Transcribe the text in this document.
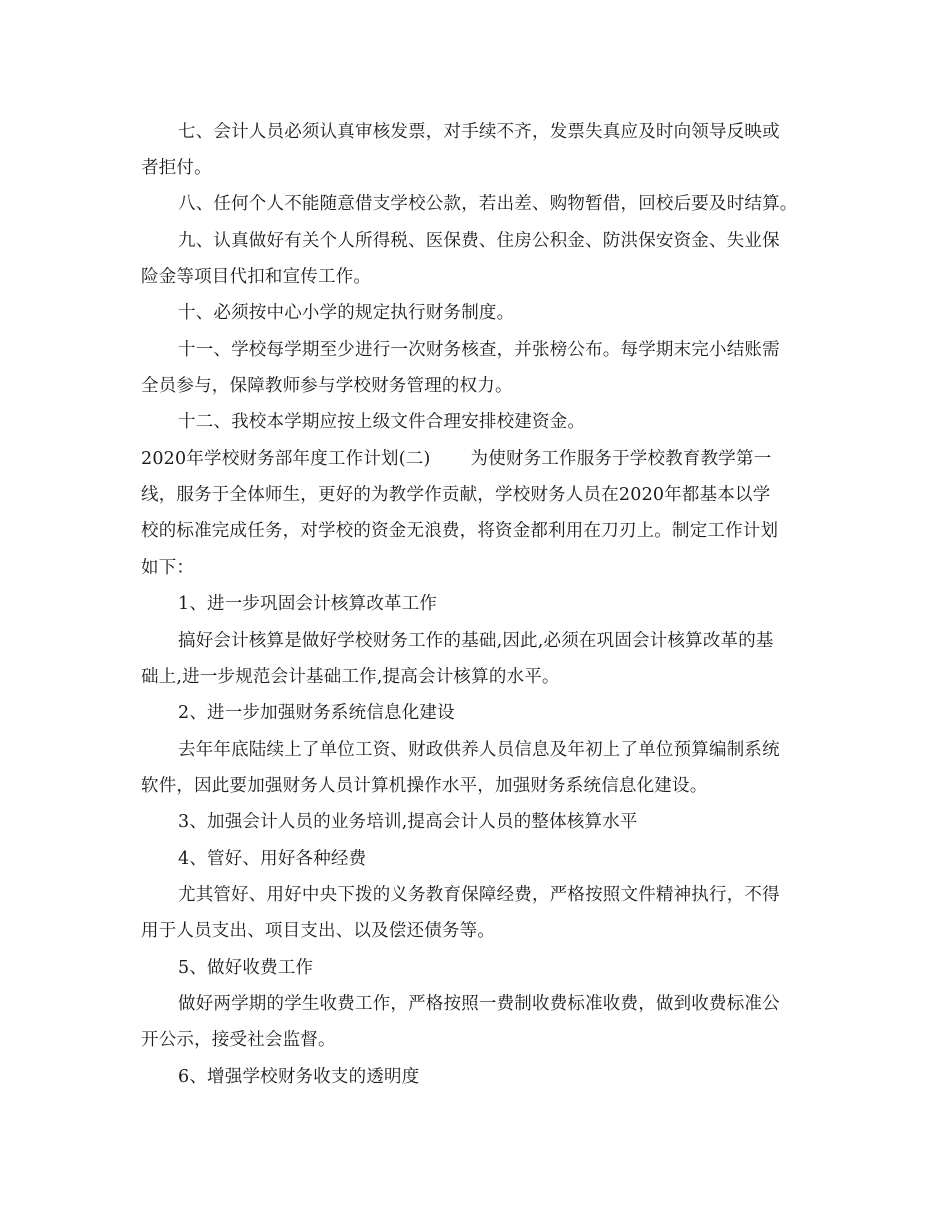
七、会计人员必须认真审核发票，对手续不齐，发票失真应及时向领导反映或
者拒付。
八、任何个人不能随意借支学校公款，若出差、购物暂借，回校后要及时结算。
九、认真做好有关个人所得税、医保费、住房公积金、防洪保安资金、失业保
险金等项目代扣和宣传工作。
十、必须按中心小学的规定执行财务制度。
十一、学校每学期至少进行一次财务核查，并张榜公布。每学期末完小结账需
全员参与，保障教师参与学校财务管理的权力。
十二、我校本学期应按上级文件合理安排校建资金。
2020年学校财务部年度工作计划(二) 为使财务工作服务于学校教育教学第一
线，服务于全体师生，更好的为教学作贡献，学校财务人员在2020年都基本以学
校的标准完成任务，对学校的资金无浪费，将资金都利用在刀刃上。制定工作计划
如下：
1、进一步巩固会计核算改革工作
搞好会计核算是做好学校财务工作的基础,因此,必须在巩固会计核算改革的基
础上,进一步规范会计基础工作,提高会计核算的水平。
2、进一步加强财务系统信息化建设
去年年底陆续上了单位工资、财政供养人员信息及年初上了单位预算编制系统
软件，因此要加强财务人员计算机操作水平，加强财务系统信息化建设。
3、加强会计人员的业务培训,提高会计人员的整体核算水平
4、管好、用好各种经费
尤其管好、用好中央下拨的义务教育保障经费，严格按照文件精神执行，不得
用于人员支出、项目支出、以及偿还债务等。
5、做好收费工作
做好两学期的学生收费工作，严格按照一费制收费标准收费，做到收费标准公
开公示，接受社会监督。
6、增强学校财务收支的透明度
